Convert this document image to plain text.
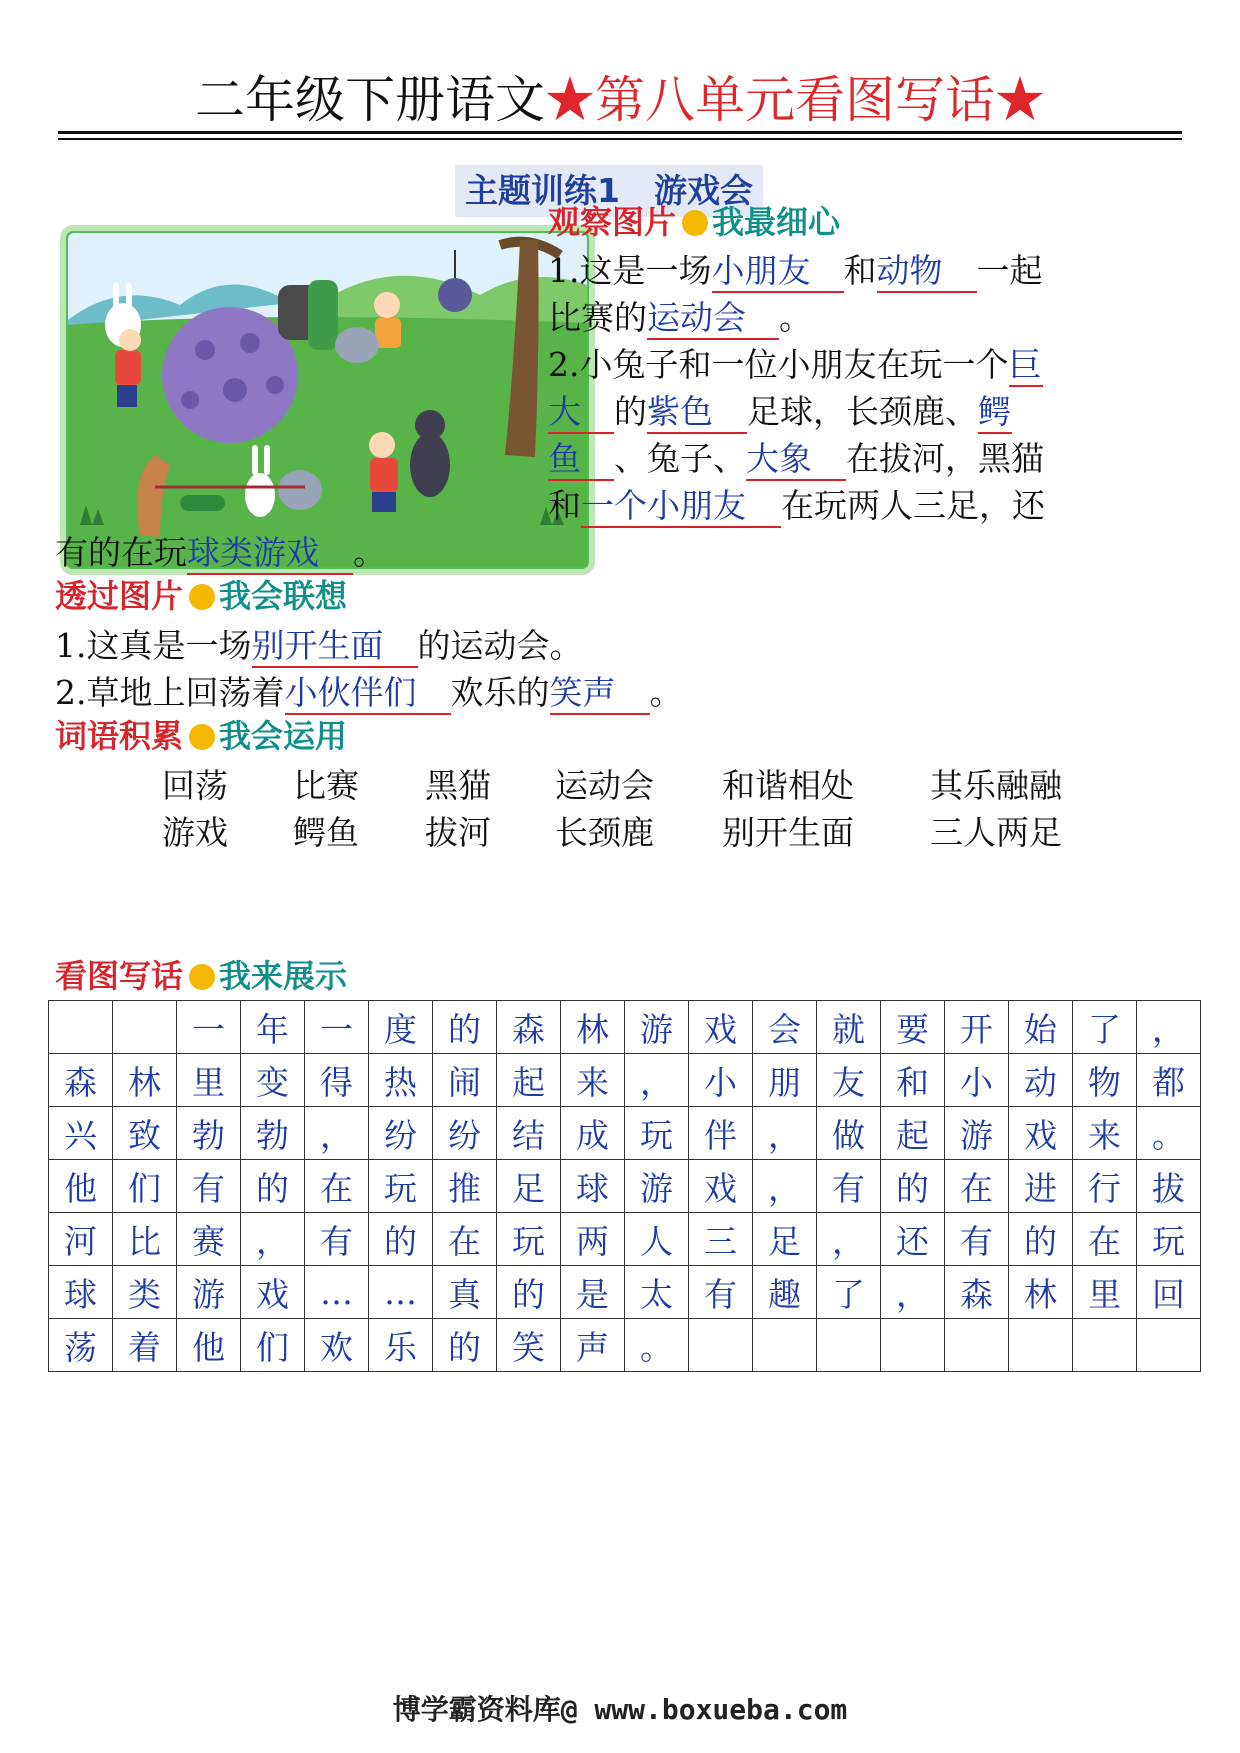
二年级下册语文★第八单元看图写话★
主题训练1 游戏会
观察图片 我最细心
1.这是一场小朋友 和动物 一起
比赛的运动会 。
2.小兔子和一位小朋友在玩一个巨
大 的紫色 足球，长颈鹿、鳄
鱼 、兔子、大象 在拔河，黑猫
和一个小朋友 在玩两人三足，还
有的在玩球类游戏 。
透过图片 我会联想
1.这真是一场别开生面 的运动会。
2.草地上回荡着小伙伴们 欢乐的笑声 。
词语积累 我会运用
回荡 比赛 黑猫 运动会 和谐相处 其乐融融
游戏 鳄鱼 拔河 长颈鹿 别开生面 三人两足
看图写话 我来展示
		一	年	一	度	的	森	林	游	戏	会	就	要	开	始	了	，
森	林	里	变	得	热	闹	起	来	，	小	朋	友	和	小	动	物	都
兴	致	勃	勃	，	纷	纷	结	成	玩	伴	，	做	起	游	戏	来	。
他	们	有	的	在	玩	推	足	球	游	戏	，	有	的	在	进	行	拔
河	比	赛	，	有	的	在	玩	两	人	三	足	，	还	有	的	在	玩
球	类	游	戏	…	…	真	的	是	太	有	趣	了	，	森	林	里	回
荡	着	他	们	欢	乐	的	笑	声	。								
博学霸资料库@ www.boxueba.com
